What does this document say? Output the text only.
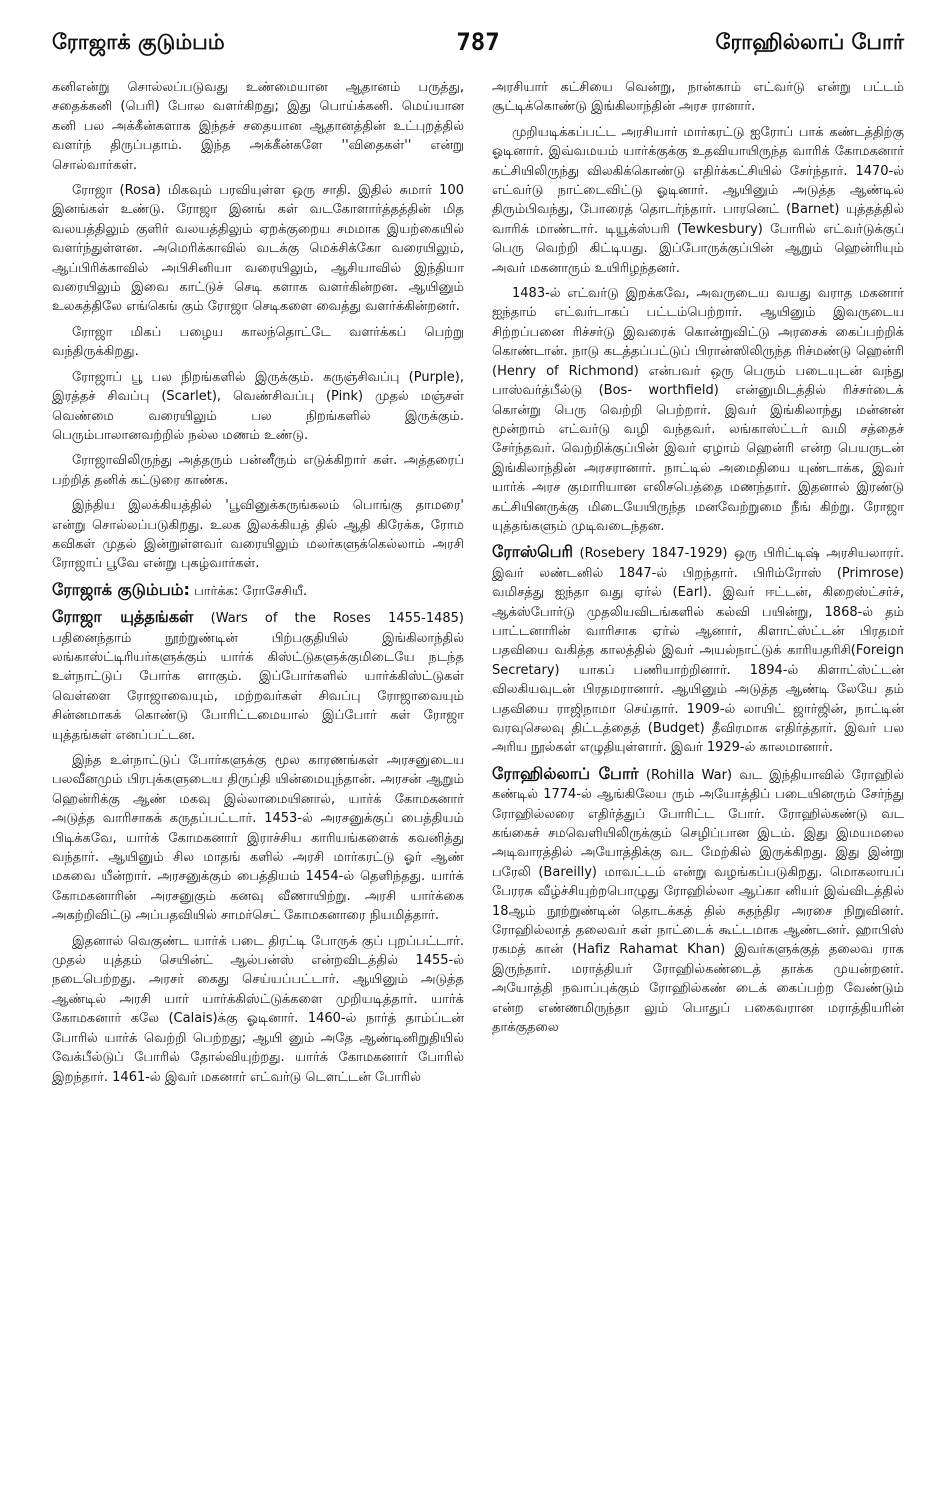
ரோஜாக் குடும்பம்	787	ரோஹில்லாப் போர்

கனிஎன்று சொல்லப்படுவது உண்மையான ஆதானம் பருத்து, சதைக்கனி (பெரி) போல வளர்கிறது; இது பொய்க்கனி. மெய்யான கனி பல அக்கீன்களாக இந்தச் சதையான ஆதானத்தின் உட்புறத்தில் வளர்ந் திருப்பதாம். இந்த அக்கீன்களே ''விதைகள்'' என்று சொல்வார்கள்.

ரோஜா (Rosa) மிகவும் பரவியுள்ள ஒரு சாதி. இதில் சுமார் 100 இனங்கள் உண்டு. ரோஜா இனங் கள் வடகோளார்த்தத்தின் மித வலயத்திலும் குளிர் வலயத்திலும் ஏறக்குறைய சமமாக இயற்கையில் வளர்ந்துள்ளன. அமெரிக்காவில் வடக்கு மெக்சிக்கோ வரையிலும், ஆப்பிரிக்காவில் அபிசினியா வரையிலும், ஆசியாவில் இந்தியா வரையிலும் இவை காட்டுச் செடி களாக வளர்கின்றன. ஆயினும் உலகத்திலே எங்கெங் கும் ரோஜா செடிகளை வைத்து வளர்க்கின்றனர்.

ரோஜா மிகப் பழைய காலந்தொட்டே வளர்க்கப் பெற்று வந்திருக்கிறது.

ரோஜாப் பூ பல நிறங்களில் இருக்கும். கருஞ்சிவப்பு (Purple), இரத்தச் சிவப்பு (Scarlet), வெண்சிவப்பு (Pink) முதல் மஞ்சள் வெண்மை வரையிலும் பல நிறங்களில் இருக்கும். பெரும்பாலானவற்றில் நல்ல மணம் உண்டு.

ரோஜாவிலிருந்து அத்தரும் பன்னீரும் எடுக்கிறார் கள். அத்தரைப் பற்றித் தனிக் கட்டுரை காண்க.

இந்திய இலக்கியத்தில் 'பூவினுக்கருங்கலம் பொங்கு தாமரை' என்று சொல்லப்படுகிறது. உலக இலக்கியத் தில் ஆதி கிரேக்க, ரோம கவிகள் முதல் இன்றுள்ளவர் வரையிலும் மலர்களுக்கெல்லாம் அரசி ரோஜாப் பூவே என்று புகழ்வார்கள்.

ரோஜாக் குடும்பம்: பார்க்க: ரோசேசியீ.

ரோஜா யுத்தங்கள் (Wars of the Roses 1455-1485) பதினைந்தாம் நூற்றுண்டின் பிற்பகுதியில் இங்கிலாந்தில் லங்காஸ்ட்டிரியர்களுக்கும் யார்க் கிஸ்ட்டுகளுக்குமிடையே நடந்த உள்நாட்டுப் போர்க ளாகும். இப்போர்களில் யார்க்கிஸ்ட்டுகள் வெள்ளை ரோஜாவையும், மற்றவர்கள் சிவப்பு ரோஜாவையும் சின்னமாகக் கொண்டு போரிட்டமையால் இப்போர் கள் ரோஜா யுத்தங்கள் எனப்பட்டன.

இந்த உள்நாட்டுப் போர்களுக்கு மூல காரணங்கள் அரசனுடைய பலவீனமும் பிரபுக்களுடைய திருப்தி யின்மையுந்தான். அரசன் ஆறும் ஹென்ரிக்கு ஆண் மகவு இல்லாமையினால், யார்க் கோமகனார் அடுத்த வாரிசாகக் கருதப்பட்டார். 1453-ல் அரசனுக்குப் பைத்தியம் பிடிக்கவே, யார்க் கோமகனார் இராச்சிய காரியங்களைக் கவனித்து வந்தார். ஆயினும் சில மாதங் களில் அரசி மார்கரட்டு ஓர் ஆண் மகவை யீன்றார். அரசனுக்கும் பைத்தியம் 1454-ல் தெளிந்தது. யார்க் கோமகனாரின் அரசனுகும் கனவு வீணாயிற்று. அரசி யார்க்கை அகற்றிவிட்டு அப்பதவியில் சாமர்செட் கோமகனாரை நியமித்தார்.

இதனால் வெகுண்ட யார்க் படை திரட்டி போருக் குப் புறப்பட்டார். முதல் யுத்தம் செயின்ட் ஆல்பன்ஸ் என்றவிடத்தில் 1455-ல் நடைபெற்றது. அரசர் கைது செய்யப்பட்டார். ஆயினும் அடுத்த ஆண்டில் அரசி யார் யார்க்கிஸ்ட்டுக்களை முறியடித்தார். யார்க் கோமகனார் கலே (Calais)க்கு ஓடினார். 1460-ல் நார்த் தாம்ப்டன் போரில் யார்க் வெற்றி பெற்றது; ஆயி னும் அதே ஆண்டினிறுதியில் வேக்பீல்டுப் போரில் தோல்வியுற்றது. யார்க் கோமகனார் போரில் இறந்தார். 1461-ல் இவர் மகனார் எட்வர்டு டௌட்டன் போரில்

அரசியார் கட்சியை வென்று, நான்காம் எட்வர்டு என்று பட்டம் சூட்டிக்கொண்டு இங்கிலாந்தின் அரச ரானார்.

முறியடிக்கப்பட்ட அரசியார் மார்கரட்டு ஐரோப் பாக் கண்டத்திற்கு ஓடினார். இவ்வமயம் யார்க்குக்கு உதவியாயிருந்த வாரிக் கோமகனார் கட்சியிலிருந்து விலகிக்கொண்டு எதிர்க்கட்சியில் சேர்ந்தார். 1470-ல் எட்வர்டு நாட்டைவிட்டு ஓடினார். ஆயினும் அடுத்த ஆண்டில் திரும்பிவந்து, போரைத் தொடர்ந்தார். பாரனெட் (Barnet) யுத்தத்தில் வாரிக் மாண்டார். டியூக்ஸ்பரி (Tewkesbury) போரில் எட்வர்டுக்குப் பெரு வெற்றி கிட்டியது. இப்போருக்குப்பின் ஆறும் ஹென்ரியும் அவர் மகனாரும் உயிரிழந்தனர்.

1483-ல் எட்வர்டு இறக்கவே, அவருடைய வயது வராத மகனார் ஐந்தாம் எட்வர்டாகப் பட்டம்பெற்றார். ஆயினும் இவருடைய சிற்றப்பனை ரிச்சர்டு இவரைக் கொன்றுவிட்டு அரசைக் கைப்பற்றிக் கொண்டான். நாடு கடத்தப்பட்டுப் பிரான்ஸிலிருந்த ரிச்மண்டு ஹென்ரி (Henry of Richmond) என்பவர் ஒரு பெரும் படையுடன் வந்து பாஸ்வர்த்பீல்டு (Bos- worthfield) என்னுமிடத்தில் ரிச்சர்டைக் கொன்று பெரு வெற்றி பெற்றார். இவர் இங்கிலாந்து மன்னன் மூன்றாம் எட்வர்டு வழி வந்தவர். லங்காஸ்ட்டர் வமி சத்தைச் சேர்ந்தவர். வெற்றிக்குப்பின் இவர் ஏழாம் ஹென்ரி என்ற பெயருடன் இங்கிலாந்தின் அரசரானார். நாட்டில் அமைதியை யுண்டாக்க, இவர் யார்க் அரச குமாரியான எலிசபெத்தை மணந்தார். இதனால் இரண்டு கட்சியினருக்கு மிடையேயிருந்த மனவேற்றுமை நீங் கிற்று. ரோஜா யுத்தங்களும் முடிவடைந்தன.

ரோஸ்பெரி (Rosebery 1847-1929) ஒரு பிரிட்டிஷ் அரசியலாரர். இவர் லண்டனில் 1847-ல் பிறந்தார். பிரிம்ரோஸ் (Primrose) வமிசத்து ஐந்தா வது ஏர்ல் (Earl). இவர் ஈட்டன், கிறைஸ்ட்சர்ச், ஆக்ஸ்போர்டு முதலியவிடங்களில் கல்வி பயின்று, 1868-ல் தம் பாட்டனாரின் வாரிசாக ஏர்ல் ஆனார், கிளாட்ஸ்ட்டன் பிரதமர் பதவியை வகித்த காலத்தில் இவர் அயல்நாட்டுக் காரியதரிசி(Foreign Secretary) யாகப் பணியாற்றினார். 1894-ல் கிளாட்ஸ்ட்டன் விலகியவுடன் பிரதமரானார். ஆயினும் அடுத்த ஆண்டி லேயே தம் பதவியை ராஜிநாமா செய்தார். 1909-ல் லாயிட் ஜார்ஜின், நாட்டின் வரவுசெலவு திட்டத்தைத் (Budget) தீவிரமாக எதிர்த்தார். இவர் பல அரிய நூல்கள் எழுதியுள்ளார். இவர் 1929-ல் காலமானார்.

ரோஹில்லாப் போர் (Rohilla War) வட இந்தியாவில் ரோஹில் கண்டில் 1774-ல் ஆங்கிலேய ரும் அயோத்திப் படையினரும் சேர்ந்து ரோஹில்லரை எதிர்த்துப் போரிட்ட போர். ரோஹில்கண்டு வட கங்கைச் சமவெளியிலிருக்கும் செழிப்பான இடம். இது இமயமலை அடிவாரத்தில் அயோத்திக்கு வட மேற்கில் இருக்கிறது. இது இன்று பரேலி (Bareilly) மாவட்டம் என்று வழங்கப்படுகிறது. மொகலாயப் பேரரசு வீழ்ச்சியுற்றபொழுது ரோஹில்லா ஆப்கா னியர் இவ்விடத்தில் 18ஆம் நூற்றுண்டின் தொடக்கத் தில் சுதந்திர அரசை நிறுவினர். ரோஹில்லாத் தலைவர் கள் நாட்டைக் கூட்டமாக ஆண்டனர். ஹாபிஸ் ரகமத் கான் (Hafiz Rahamat Khan) இவர்களுக்குத் தலைவ ராக இருந்தார். மராத்தியர் ரோஹில்கண்டைத் தாக்க முயன்றனர். அயோத்தி நவாப்புக்கும் ரோஹில்கண் டைக் கைப்பற்ற வேண்டும் என்ற எண்ணமிருந்தா லும் பொதுப் பகைவரான மராத்தியரின் தாக்குதலை
